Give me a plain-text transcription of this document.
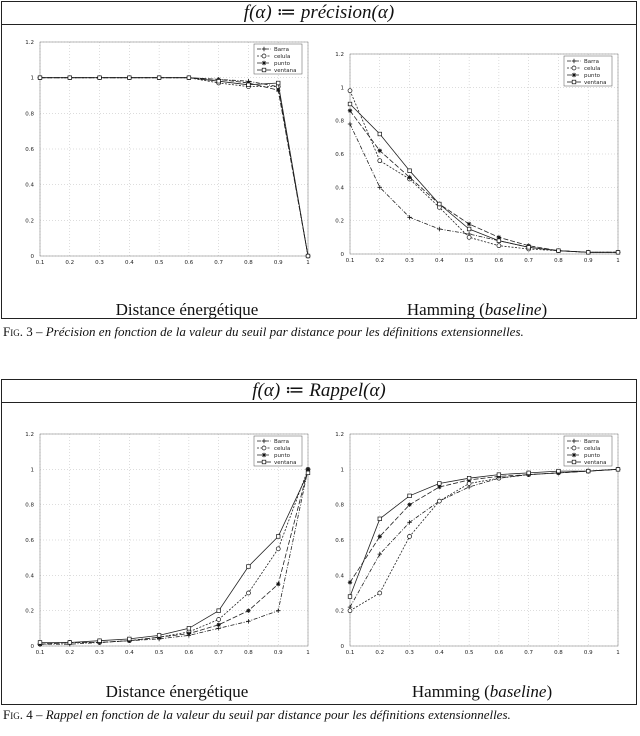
f(α) ≔ précision(α)
0.1	0.2	0.3	0.4	0.5	0.6	0.7	0.8	0.9	1
0
0.2
0.4
0.6
0.8
1
1.2
Barra
celula
punto
ventana
0.1	0.2	0.3	0.4	0.5	0.6	0.7	0.8	0.9	1
0
0.2
0.4
0.6
0.8
1
1.2
Barra
celula
punto
ventana
Distance énergétique	Hamming (baseline)
Fig. 3 – Précision en fonction de la valeur du seuil par distance pour les définitions extensionnelles.
f(α) ≔ Rappel(α)
0.1	0.2	0.3	0.4	0.5	0.6	0.7	0.8	0.9	1
0
0.2
0.4
0.6
0.8
1
1.2
Barra
celula
punto
ventana
0.1	0.2	0.3	0.4	0.5	0.6	0.7	0.8	0.9	1
0
0.2
0.4
0.6
0.8
1
1.2
Barra
celula
punto
ventana
Distance énergétique	Hamming (baseline)
Fig. 4 – Rappel en fonction de la valeur du seuil par distance pour les définitions extensionnelles.
